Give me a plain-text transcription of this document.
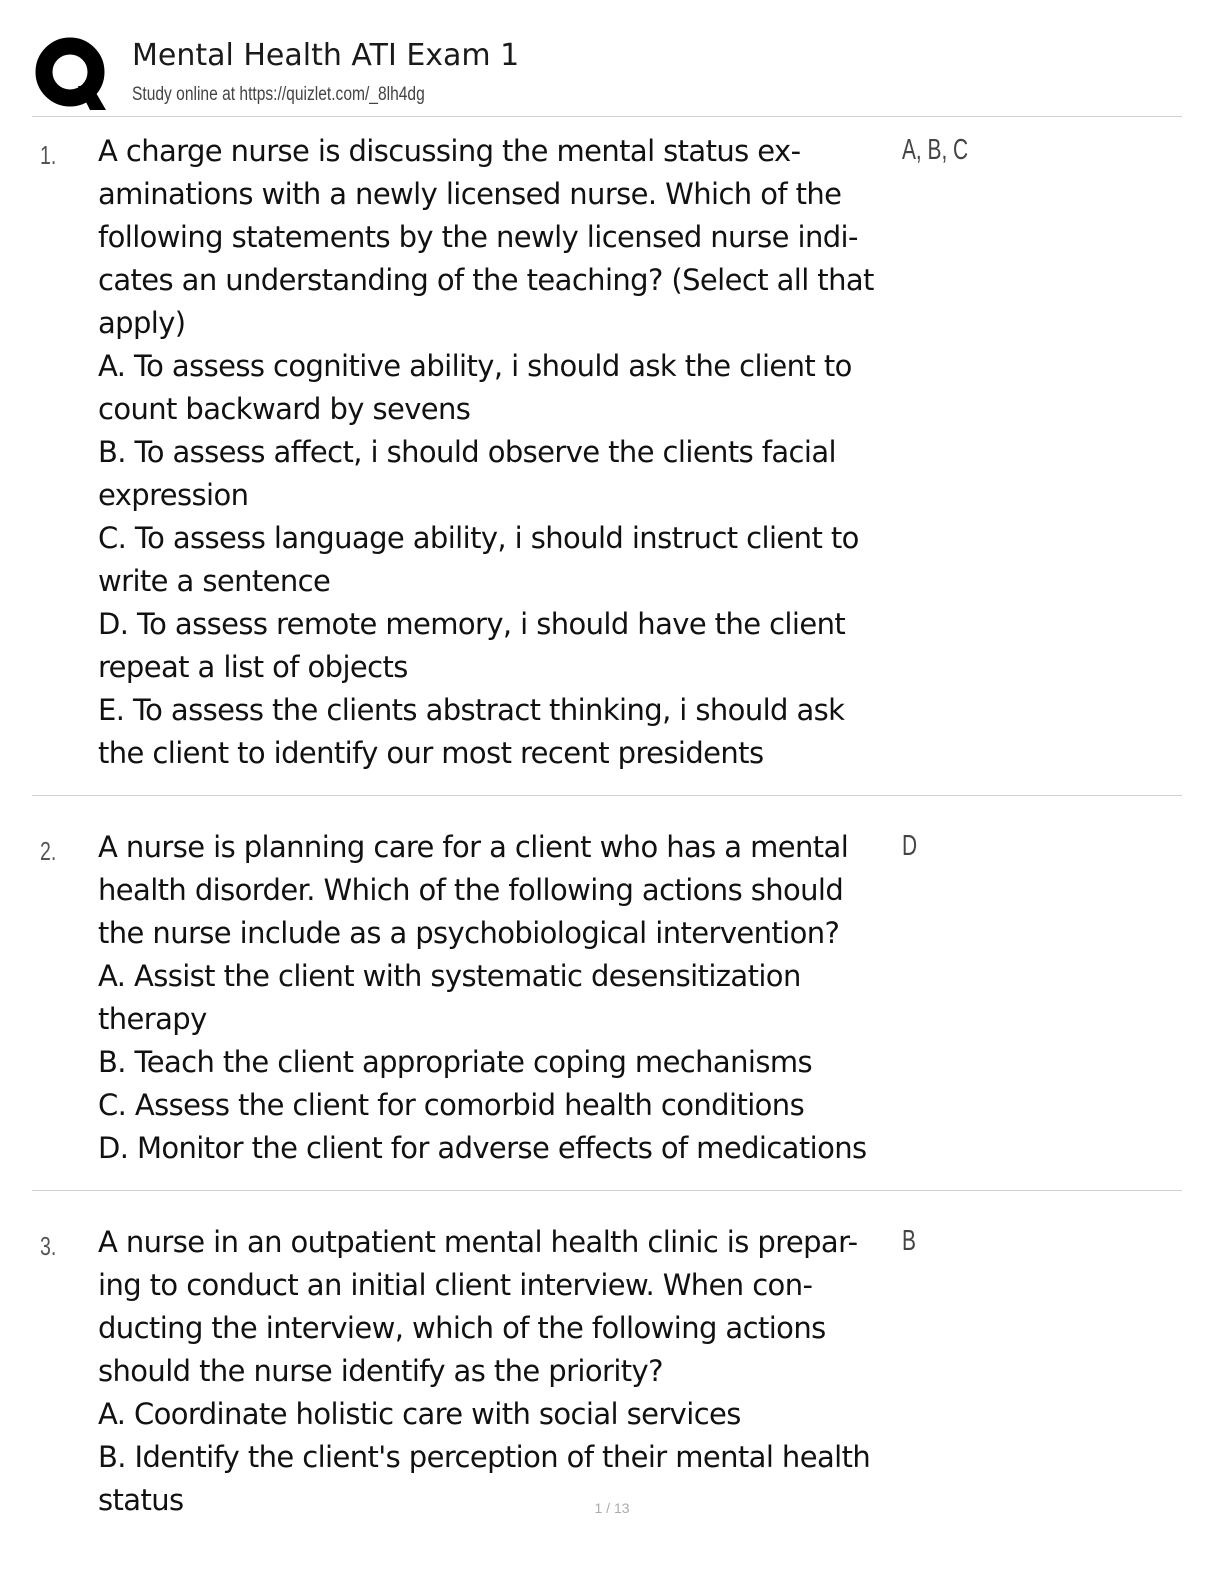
Mental Health ATI Exam 1
Study online at https://quizlet.com/_8lh4dg
1. A charge nurse is discussing the mental status ex-
aminations with a newly licensed nurse. Which of the
following statements by the newly licensed nurse indi-
cates an understanding of the teaching? (Select all that
apply)
A. To assess cognitive ability, i should ask the client to
count backward by sevens
B. To assess affect, i should observe the clients facial
expression
C. To assess language ability, i should instruct client to
write a sentence
D. To assess remote memory, i should have the client
repeat a list of objects
E. To assess the clients abstract thinking, i should ask
the client to identify our most recent presidents
A, B, C
2. A nurse is planning care for a client who has a mental
health disorder. Which of the following actions should
the nurse include as a psychobiological intervention?
A. Assist the client with systematic desensitization
therapy
B. Teach the client appropriate coping mechanisms
C. Assess the client for comorbid health conditions
D. Monitor the client for adverse effects of medications
D
3. A nurse in an outpatient mental health clinic is prepar-
ing to conduct an initial client interview. When con-
ducting the interview, which of the following actions
should the nurse identify as the priority?
A. Coordinate holistic care with social services
B. Identify the client's perception of their mental health
status
B
1 / 13
